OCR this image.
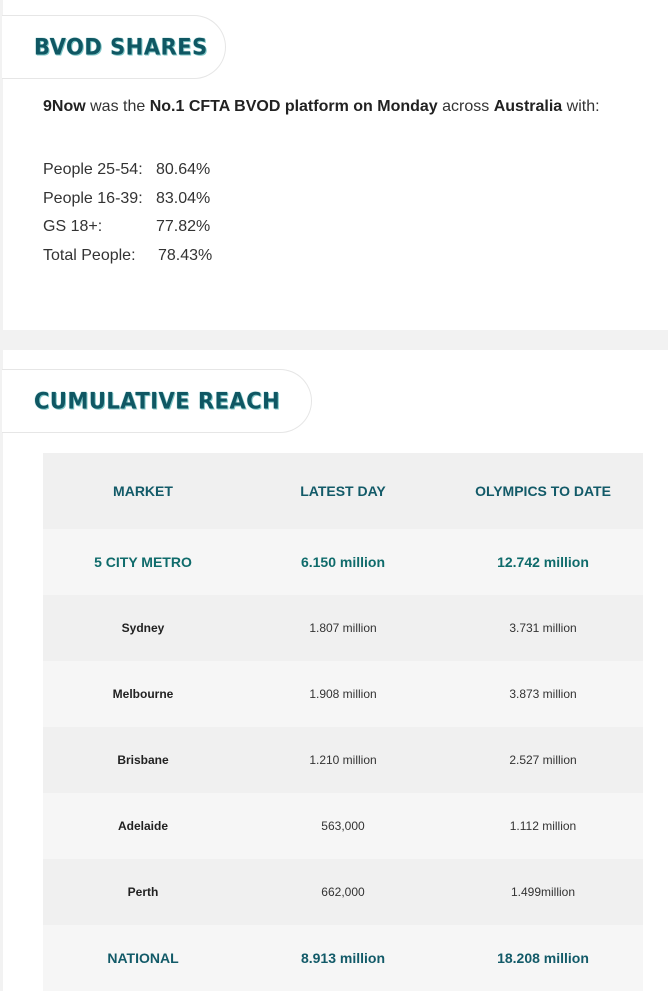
BVOD SHARES
9Now was the No.1 CFTA BVOD platform on Monday across Australia with:
People 25-54: 80.64%
People 16-39: 83.04%
GS 18+:	77.82%
Total People: 78.43%
CUMULATIVE REACH
MARKET	LATEST DAY	OLYMPICS TO DATE
5 CITY METRO	6.150 million	12.742 million
Sydney	1.807 million	3.731 million
Melbourne	1.908 million	3.873 million
Brisbane	1.210 million	2.527 million
Adelaide	563,000	1.112 million
Perth	662,000	1.499million
NATIONAL	8.913 million	18.208 million
